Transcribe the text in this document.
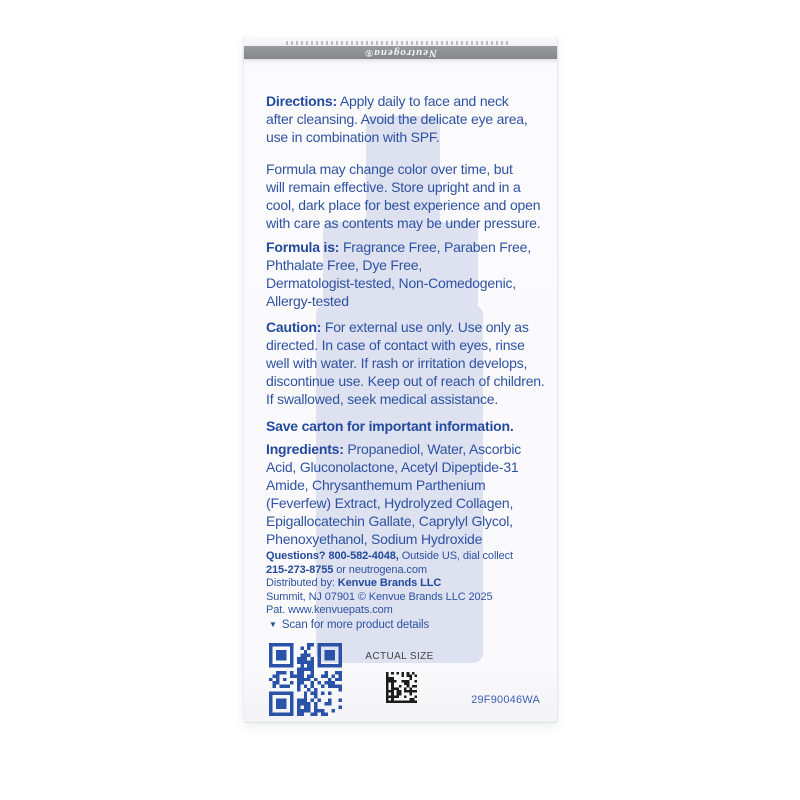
Neutrogena®
Directions: Apply daily to face and neck
after cleansing. Avoid the delicate eye area,
use in combination with SPF.
Formula may change color over time, but
will remain effective. Store upright and in a
cool, dark place for best experience and open
with care as contents may be under pressure.
Formula is: Fragrance Free, Paraben Free,
Phthalate Free, Dye Free,
Dermatologist-tested, Non-Comedogenic,
Allergy-tested
Caution: For external use only. Use only as
directed. In case of contact with eyes, rinse
well with water. If rash or irritation develops,
discontinue use. Keep out of reach of children.
If swallowed, seek medical assistance.
Save carton for important information.
Ingredients: Propanediol, Water, Ascorbic
Acid, Gluconolactone, Acetyl Dipeptide-31
Amide, Chrysanthemum Parthenium
(Feverfew) Extract, Hydrolyzed Collagen,
Epigallocatechin Gallate, Caprylyl Glycol,
Phenoxyethanol, Sodium Hydroxide
Questions? 800-582-4048, Outside US, dial collect
215-273-8755 or neutrogena.com
Distributed by: Kenvue Brands LLC
Summit, NJ 07901 © Kenvue Brands LLC 2025
Pat. www.kenvuepats.com
▼ Scan for more product details
ACTUAL SIZE
29F90046WA
